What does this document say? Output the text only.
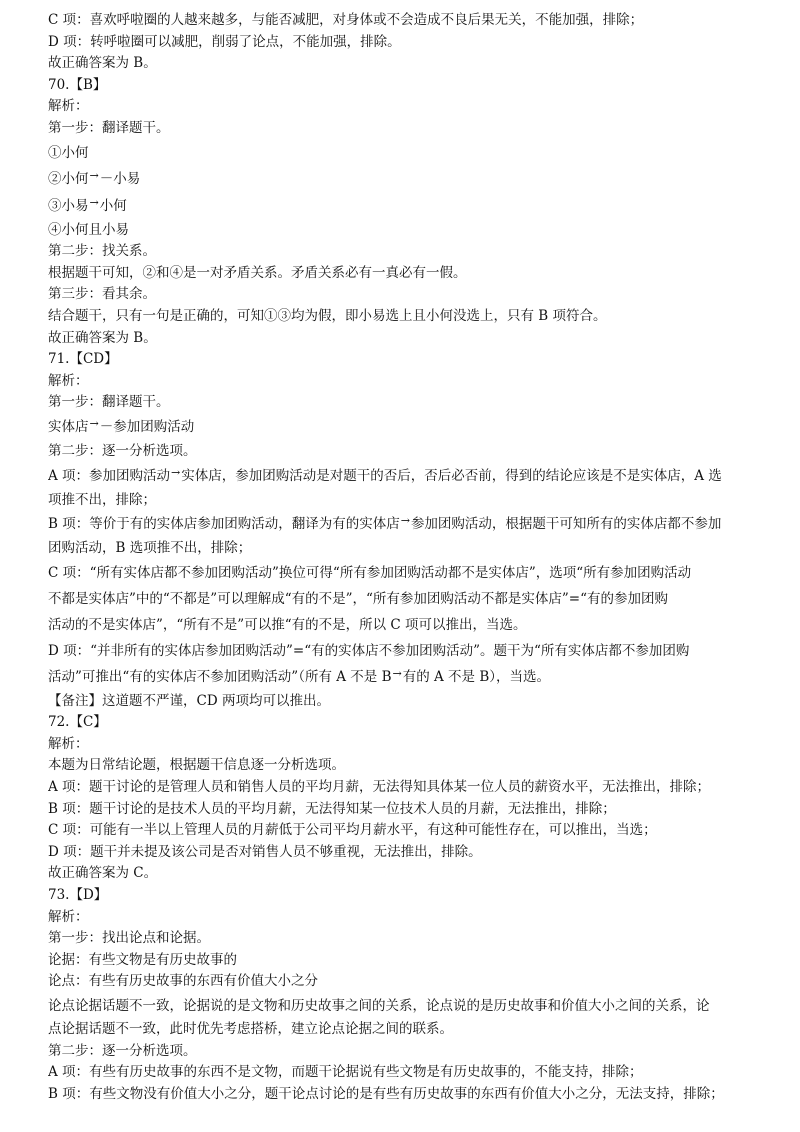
C 项：喜欢呼啦圈的人越来越多，与能否减肥，对身体或不会造成不良后果无关，不能加强，排除；
D 项：转呼啦圈可以减肥，削弱了论点，不能加强，排除。
故正确答案为 B。
70.【B】
解析：
第一步：翻译题干。
①小何
②小何→－小易
③小易→小何
④小何且小易
第二步：找关系。
根据题干可知，②和④是一对矛盾关系。矛盾关系必有一真必有一假。
第三步：看其余。
结合题干，只有一句是正确的，可知①③均为假，即小易选上且小何没选上，只有 B 项符合。
故正确答案为 B。
71.【CD】
解析：
第一步：翻译题干。
实体店→－参加团购活动
第二步：逐一分析选项。
A 项：参加团购活动→实体店，参加团购活动是对题干的否后，否后必否前，得到的结论应该是不是实体店，A 选
项推不出，排除；
B 项：等价于有的实体店参加团购活动，翻译为有的实体店→参加团购活动，根据题干可知所有的实体店都不参加
团购活动，B 选项推不出，排除；
C 项：“所有实体店都不参加团购活动”换位可得“所有参加团购活动都不是实体店”，选项“所有参加团购活动
不都是实体店”中的“不都是”可以理解成“有的不是”，“所有参加团购活动不都是实体店”=“有的参加团购
活动的不是实体店”，“所有不是”可以推“有的不是，所以 C 项可以推出，当选。
D 项：“并非所有的实体店参加团购活动”=“有的实体店不参加团购活动”。题干为“所有实体店都不参加团购
活动”可推出“有的实体店不参加团购活动”（所有 A 不是 B→有的 A 不是 B），当选。
【备注】这道题不严谨，CD 两项均可以推出。
72.【C】
解析：
本题为日常结论题，根据题干信息逐一分析选项。
A 项：题干讨论的是管理人员和销售人员的平均月薪，无法得知具体某一位人员的薪资水平，无法推出，排除；
B 项：题干讨论的是技术人员的平均月薪，无法得知某一位技术人员的月薪，无法推出，排除；
C 项：可能有一半以上管理人员的月薪低于公司平均月薪水平，有这种可能性存在，可以推出，当选；
D 项：题干并未提及该公司是否对销售人员不够重视，无法推出，排除。
故正确答案为 C。
73.【D】
解析：
第一步：找出论点和论据。
论据：有些文物是有历史故事的
论点：有些有历史故事的东西有价值大小之分
论点论据话题不一致，论据说的是文物和历史故事之间的关系，论点说的是历史故事和价值大小之间的关系，论
点论据话题不一致，此时优先考虑搭桥，建立论点论据之间的联系。
第二步：逐一分析选项。
A 项：有些有历史故事的东西不是文物，而题干论据说有些文物是有历史故事的，不能支持，排除；
B 项：有些文物没有价值大小之分，题干论点讨论的是有些有历史故事的东西有价值大小之分，无法支持，排除；
